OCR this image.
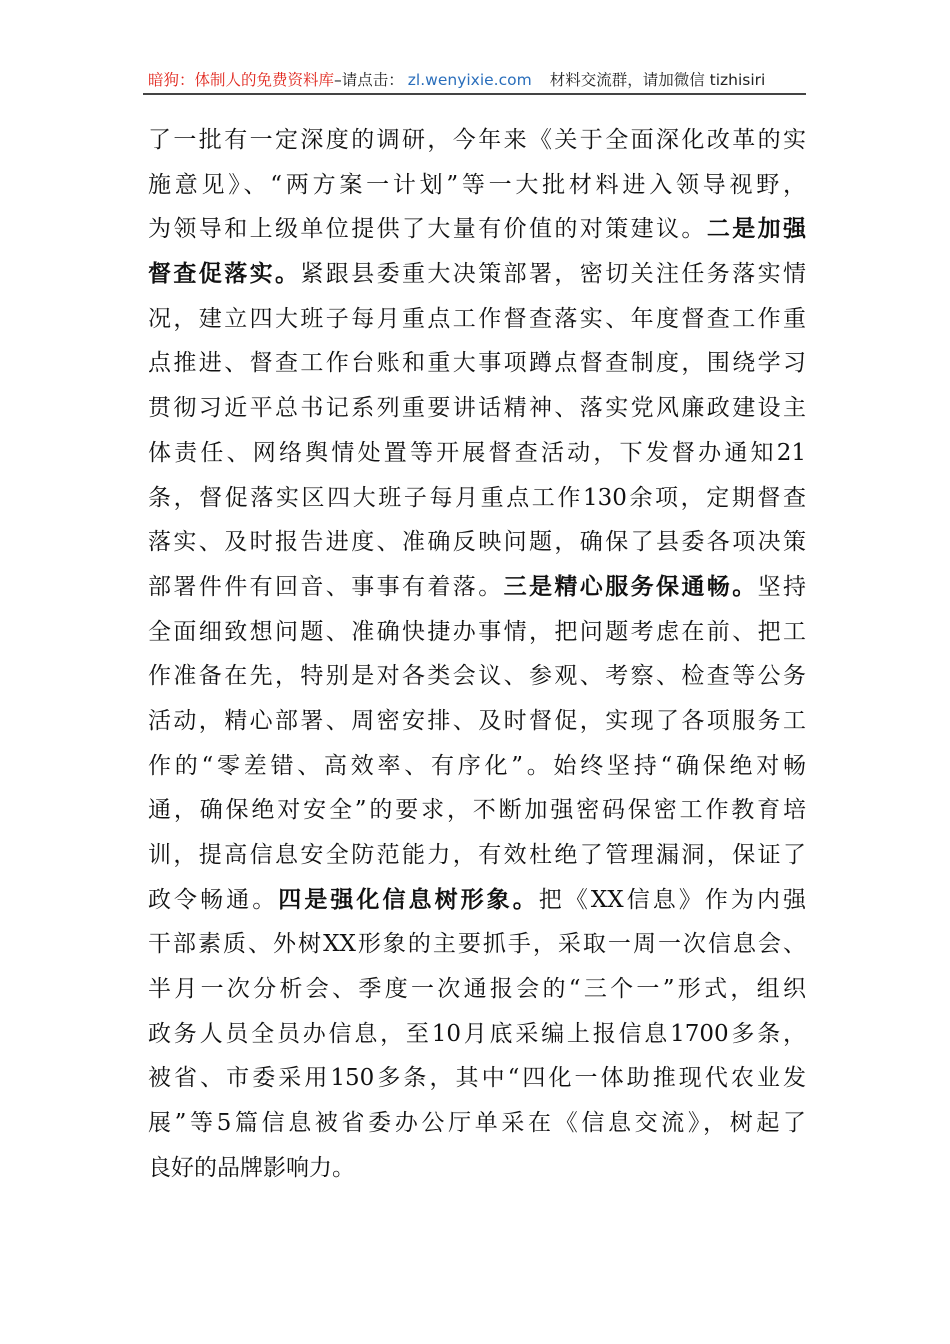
暗狗：体制人的免费资料库–请点击： zl.wenyixie.com 材料交流群，请加微信 tizhisiri
了一批有一定深度的调研，今年来《关于全面深化改革的实
施意见》、“两方案一计划”等一大批材料进入领导视野，
为领导和上级单位提供了大量有价值的对策建议。二是加强
督查促落实。紧跟县委重大决策部署，密切关注任务落实情
况，建立四大班子每月重点工作督查落实、年度督查工作重
点推进、督查工作台账和重大事项蹲点督查制度，围绕学习
贯彻习近平总书记系列重要讲话精神、落实党风廉政建设主
体责任、网络舆情处置等开展督查活动，下发督办通知21
条，督促落实区四大班子每月重点工作130余项，定期督查
落实、及时报告进度、准确反映问题，确保了县委各项决策
部署件件有回音、事事有着落。三是精心服务保通畅。坚持
全面细致想问题、准确快捷办事情，把问题考虑在前、把工
作准备在先，特别是对各类会议、参观、考察、检查等公务
活动，精心部署、周密安排、及时督促，实现了各项服务工
作的“零差错、高效率、有序化”。始终坚持“确保绝对畅
通，确保绝对安全”的要求，不断加强密码保密工作教育培
训，提高信息安全防范能力，有效杜绝了管理漏洞，保证了
政令畅通。四是强化信息树形象。把《XX信息》作为内强
干部素质、外树XX形象的主要抓手，采取一周一次信息会、
半月一次分析会、季度一次通报会的“三个一”形式，组织
政务人员全员办信息，至10月底采编上报信息1700多条，
被省、市委采用150多条，其中“四化一体助推现代农业发
展”等5篇信息被省委办公厅单采在《信息交流》，树起了
良好的品牌影响力。
